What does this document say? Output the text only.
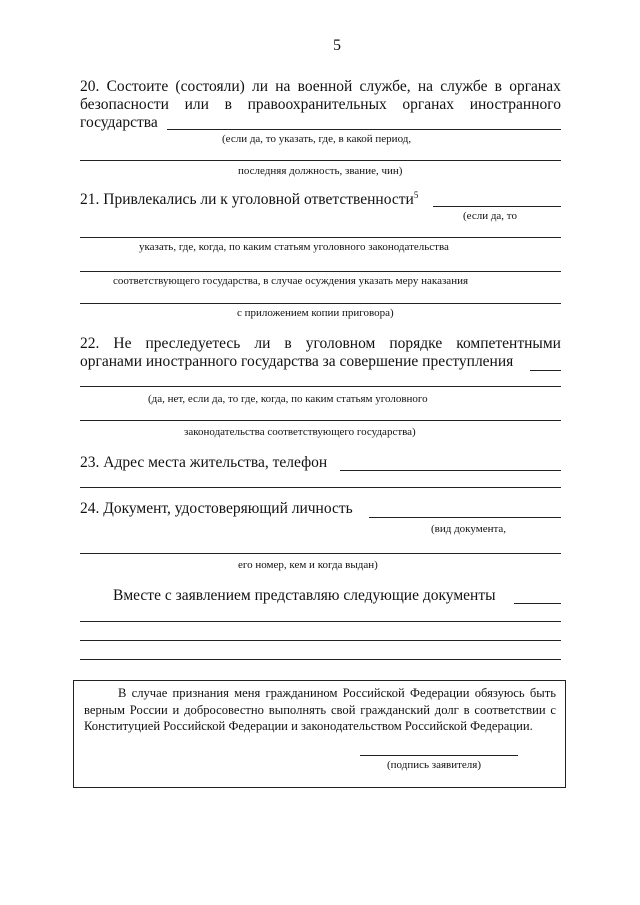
5
20. Состоите (состояли) ли на военной службе, на службе в органах
безопасности или в правоохранительных органах иностранного
государства
(если да, то указать, где, в какой период,
последняя должность, звание, чин)
21. Привлекались ли к уголовной ответственности$^5$
(если да, то
указать, где, когда, по каким статьям уголовного законодательства
соответствующего государства, в случае осуждения указать меру наказания
с приложением копии приговора)
22. Не преследуетесь ли в уголовном порядке компетентными
органами иностранного государства за совершение преступления
(да, нет, если да, то где, когда, по каким статьям уголовного
законодательства соответствующего государства)
23. Адрес места жительства, телефон
24. Документ, удостоверяющий личность
(вид документа,
его номер, кем и когда выдан)
Вместе с заявлением представляю следующие документы
В случае признания меня гражданином Российской Федерации обязуюсь быть верным России и добросовестно выполнять свой гражданский долг в соответствии с Конституцией Российской Федерации и законодательством Российской Федерации.
(подпись заявителя)
